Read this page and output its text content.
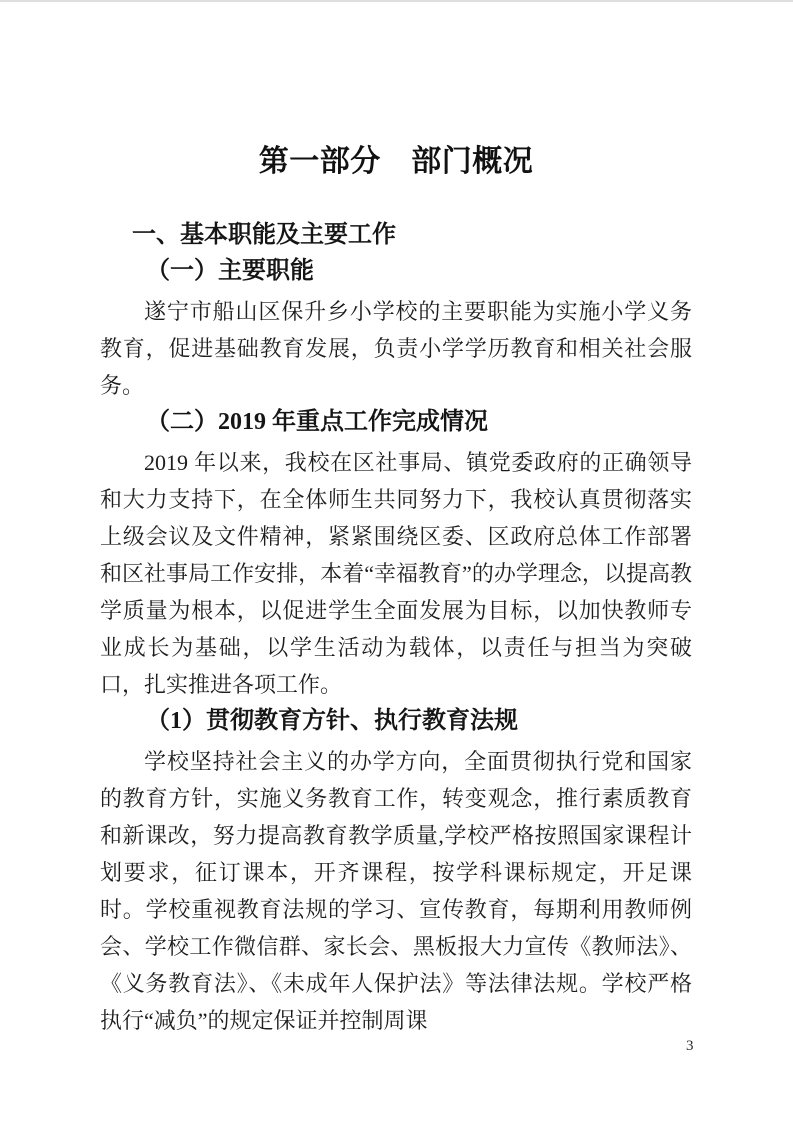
第一部分　部门概况
一、基本职能及主要工作
（一）主要职能

遂宁市船山区保升乡小学校的主要职能为实施小学义务教育，促进基础教育发展，负责小学学历教育和相关社会服务。

（二）2019 年重点工作完成情况

2019 年以来，我校在区社事局、镇党委政府的正确领导和大力支持下，在全体师生共同努力下，我校认真贯彻落实上级会议及文件精神，紧紧围绕区委、区政府总体工作部署和区社事局工作安排，本着“幸福教育”的办学理念，以提高教学质量为根本，以促进学生全面发展为目标，以加快教师专业成长为基础，以学生活动为载体，以责任与担当为突破口，扎实推进各项工作。

（1）贯彻教育方针、执行教育法规

学校坚持社会主义的办学方向，全面贯彻执行党和国家的教育方针，实施义务教育工作，转变观念，推行素质教育和新课改，努力提高教育教学质量,学校严格按照国家课程计划要求，征订课本，开齐课程，按学科课标规定，开足课时。学校重视教育法规的学习、宣传教育，每期利用教师例会、学校工作微信群、家长会、黑板报大力宣传《教师法》、《义务教育法》、《未成年人保护法》等法律法规。学校严格执行“减负”的规定保证并控制周课

3
